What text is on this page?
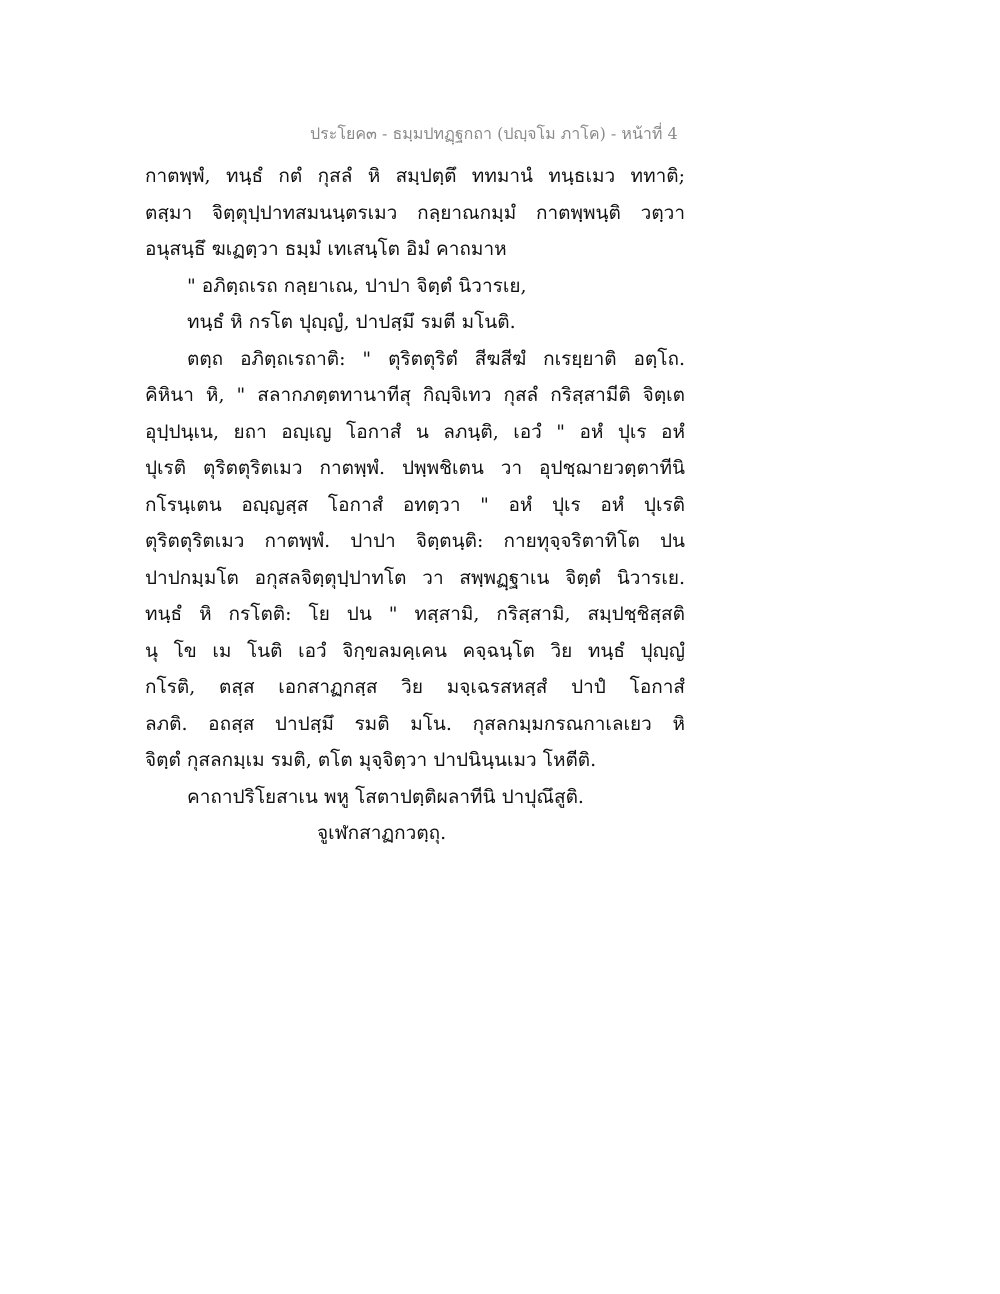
ประโยค๓ - ธมฺมปทฏฺฐกถา (ปญฺจโม ภาโค) - หน้าที่ 4
กาตพฺพํ, ทนฺธํ กตํ กุสลํ หิ สมฺปตฺตึ ททมานํ ทนฺธเมว ททาติ;
ตสฺมา จิตฺตุปฺปาทสมนนฺตรเมว กลฺยาณกมฺมํ กาตพฺพนฺติ วตฺวา
อนุสนฺธึ ฆเฏตฺวา ธมฺมํ เทเสนฺโต อิมํ คาถมาห
" อภิตฺถเรถ กลฺยาเณ, ปาปา จิตฺตํ นิวารเย,
ทนฺธํ หิ กรโต ปุญฺญํ, ปาปสฺมึ รมตี มโนติ.
ตตฺถ อภิตฺถเรถาติ: " ตุริตตุริตํ สีฆสีฆํ กเรยฺยาติ อตฺโถ.
คิหินา หิ, " สลากภตฺตทานาทีสุ กิญฺจิเทว กุสลํ กริสฺสามีติ จิตฺเต
อุปฺปนฺเน, ยถา อญฺเญ โอกาสํ น ลภนฺติ, เอวํ " อหํ ปุเร อหํ
ปุเรติ ตุริตตุริตเมว กาตพฺพํ. ปพฺพชิเตน วา อุปชฺฌายวตฺตาทีนิ
กโรนฺเตน อญฺญสฺส โอกาสํ อทตฺวา " อหํ ปุเร อหํ ปุเรติ
ตุริตตุริตเมว กาตพฺพํ. ปาปา จิตฺตนฺติ: กายทุจฺจริตาทิโต ปน
ปาปกมฺมโต อกุสลจิตฺตุปฺปาทโต วา สพฺพฏฺฐาเน จิตฺตํ นิวารเย.
ทนฺธํ หิ กรโตติ: โย ปน " ทสฺสามิ, กริสฺสามิ, สมฺปชฺชิสฺสติ
นุ โข เม โนติ เอวํ จิกฺขลมคฺเคน คจฺฉนฺโต วิย ทนฺธํ ปุญฺญํ
กโรติ, ตสฺส เอกสาฏกสฺส วิย มจฺเฉรสหสฺสํ ปาปํ โอกาสํ
ลภติ. อถสฺส ปาปสฺมึ รมติ มโน. กุสลกมฺมกรณกาเลเยว หิ
จิตฺตํ กุสลกมฺเม รมติ, ตโต มุจฺจิตฺวา ปาปนินฺนเมว โหตีติ.
คาถาปริโยสาเน พหู โสตาปตฺติผลาทีนิ ปาปุณึสูติ.
จูเฬกสาฏกวตฺถุ.
